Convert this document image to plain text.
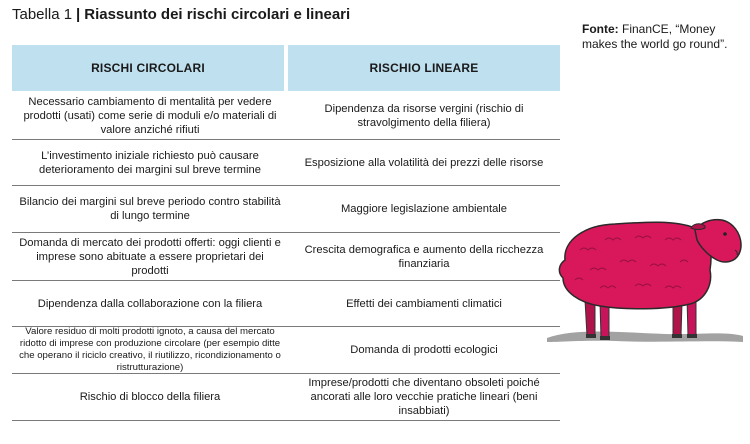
Tabella 1 | Riassunto dei rischi circolari e lineari
Fonte: FinanCE, “Money makes the world go round”.
RISCHI CIRCOLARI	RISCHIO LINEARE
Necessario cambiamento di mentalità per vedere prodotti (usati) come serie di moduli e/o materiali di valore anziché rifiuti
Dipendenza da risorse vergini (rischio di stravolgimento della filiera)
L’investimento iniziale richiesto può causare deterioramento dei margini sul breve termine
Esposizione alla volatilità dei prezzi delle risorse
Bilancio dei margini sul breve periodo contro stabilità di lungo termine
Maggiore legislazione ambientale
Domanda di mercato dei prodotti offerti: oggi clienti e imprese sono abituate a essere proprietari dei prodotti
Crescita demografica e aumento della ricchezza finanziaria
Dipendenza dalla collaborazione con la filiera	Effetti dei cambiamenti climatici
Valore residuo di molti prodotti ignoto, a causa del mercato ridotto di imprese con produzione circolare (per esempio ditte che operano il riciclo creativo, il riutilizzo, ricondizionamento o ristrutturazione)
Domanda di prodotti ecologici
Rischio di blocco della filiera
Imprese/prodotti che diventano obsoleti poiché ancorati alle loro vecchie pratiche lineari (beni insabbiati)
